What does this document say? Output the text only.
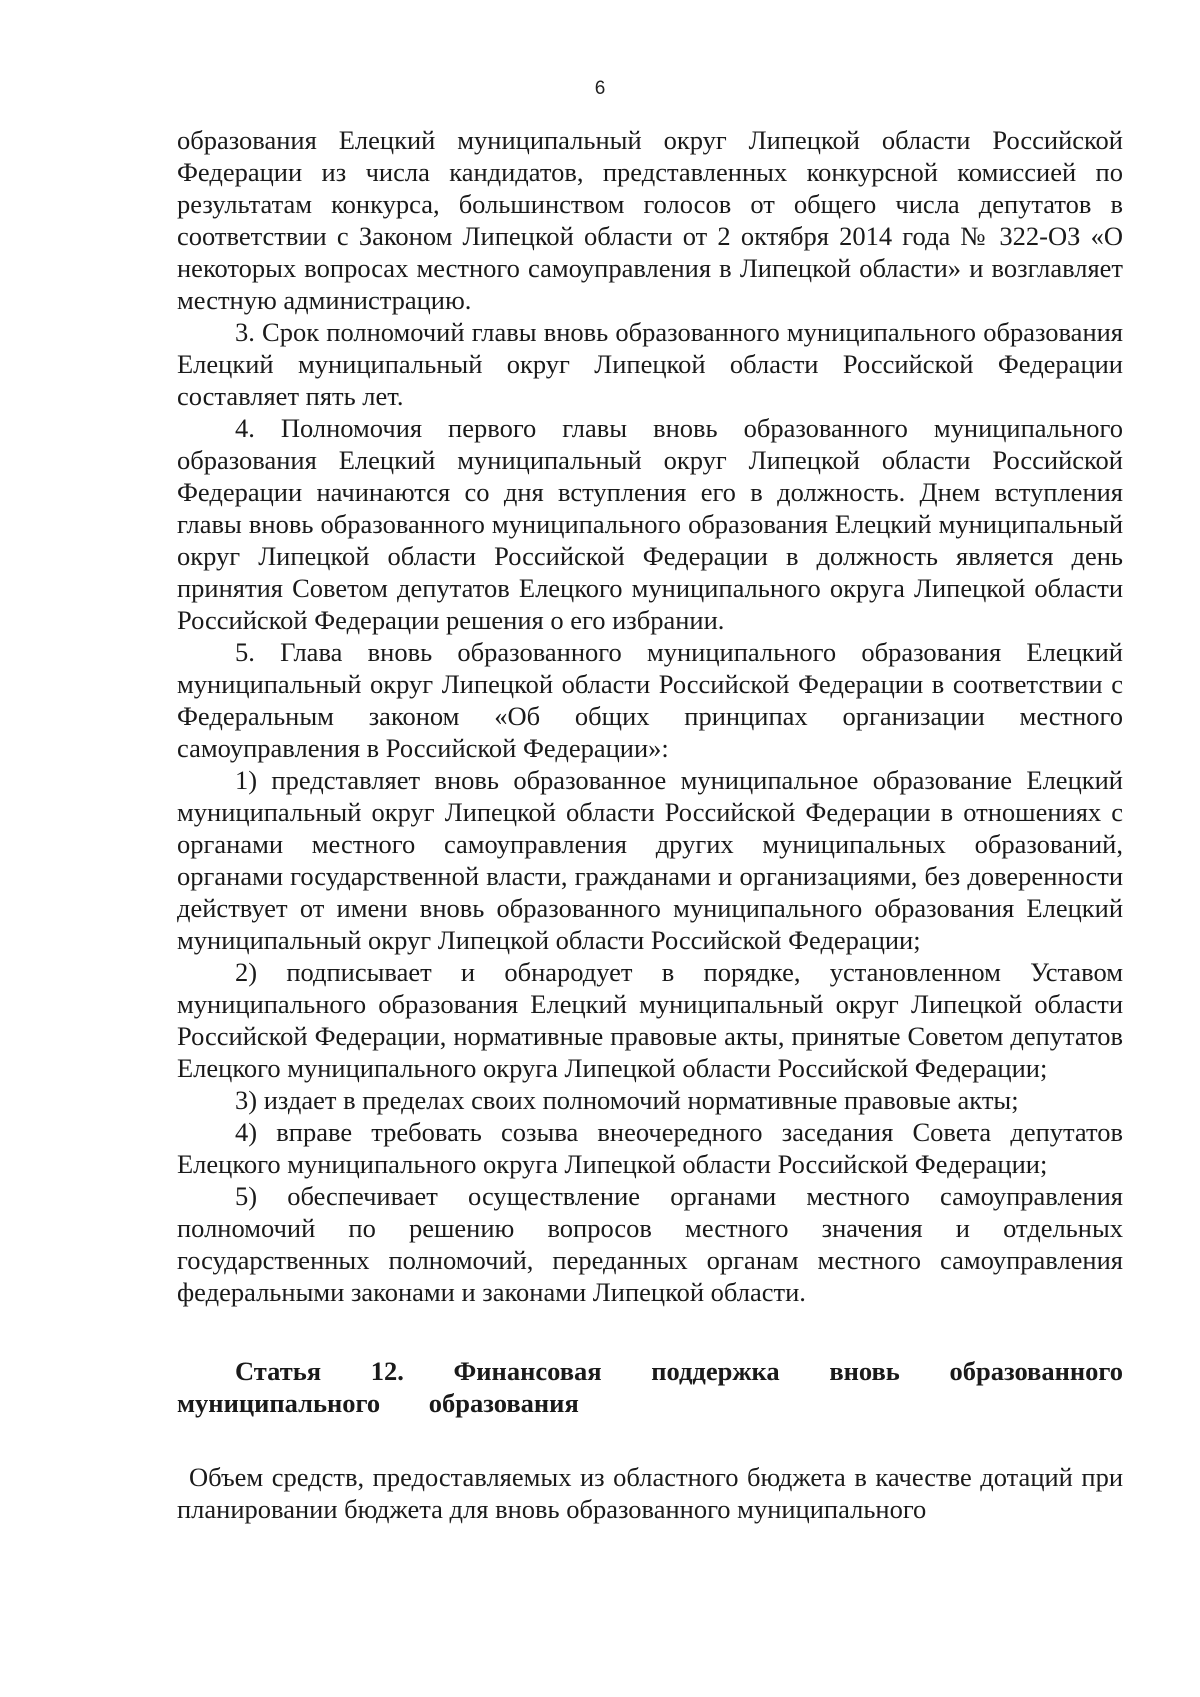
6

образования Елецкий муниципальный округ Липецкой области Российской Федерации из числа кандидатов, представленных конкурсной комиссией по результатам конкурса, большинством голосов от общего числа депутатов в соответствии с Законом Липецкой области от 2 октября 2014 года № 322-ОЗ «О некоторых вопросах местного самоуправления в Липецкой области» и возглавляет местную администрацию.

3. Срок полномочий главы вновь образованного муниципального образования Елецкий муниципальный округ Липецкой области Российской Федерации составляет пять лет.

4. Полномочия первого главы вновь образованного муниципального образования Елецкий муниципальный округ Липецкой области Российской Федерации начинаются со дня вступления его в должность. Днем вступления главы вновь образованного муниципального образования Елецкий муниципальный округ Липецкой области Российской Федерации в должность является день принятия Советом депутатов Елецкого муниципального округа Липецкой области Российской Федерации решения о его избрании.

5. Глава вновь образованного муниципального образования Елецкий муниципальный округ Липецкой области Российской Федерации в соответствии с Федеральным законом «Об общих принципах организации местного самоуправления в Российской Федерации»:

1) представляет вновь образованное муниципальное образование Елецкий муниципальный округ Липецкой области Российской Федерации в отношениях с органами местного самоуправления других муниципальных образований, органами государственной власти, гражданами и организациями, без доверенности действует от имени вновь образованного муниципального образования Елецкий муниципальный округ Липецкой области Российской Федерации;

2) подписывает и обнародует в порядке, установленном Уставом муниципального образования Елецкий муниципальный округ Липецкой области Российской Федерации, нормативные правовые акты, принятые Советом депутатов Елецкого муниципального округа Липецкой области Российской Федерации;

3) издает в пределах своих полномочий нормативные правовые акты;

4) вправе требовать созыва внеочередного заседания Совета депутатов Елецкого муниципального округа Липецкой области Российской Федерации;

5) обеспечивает осуществление органами местного самоуправления полномочий по решению вопросов местного значения и отдельных государственных полномочий, переданных органам местного самоуправления федеральными законами и законами Липецкой области.

Статья 12. Финансовая поддержка вновь образованного муниципального образования

Объем средств, предоставляемых из областного бюджета в качестве дотаций при планировании бюджета для вновь образованного муниципального
